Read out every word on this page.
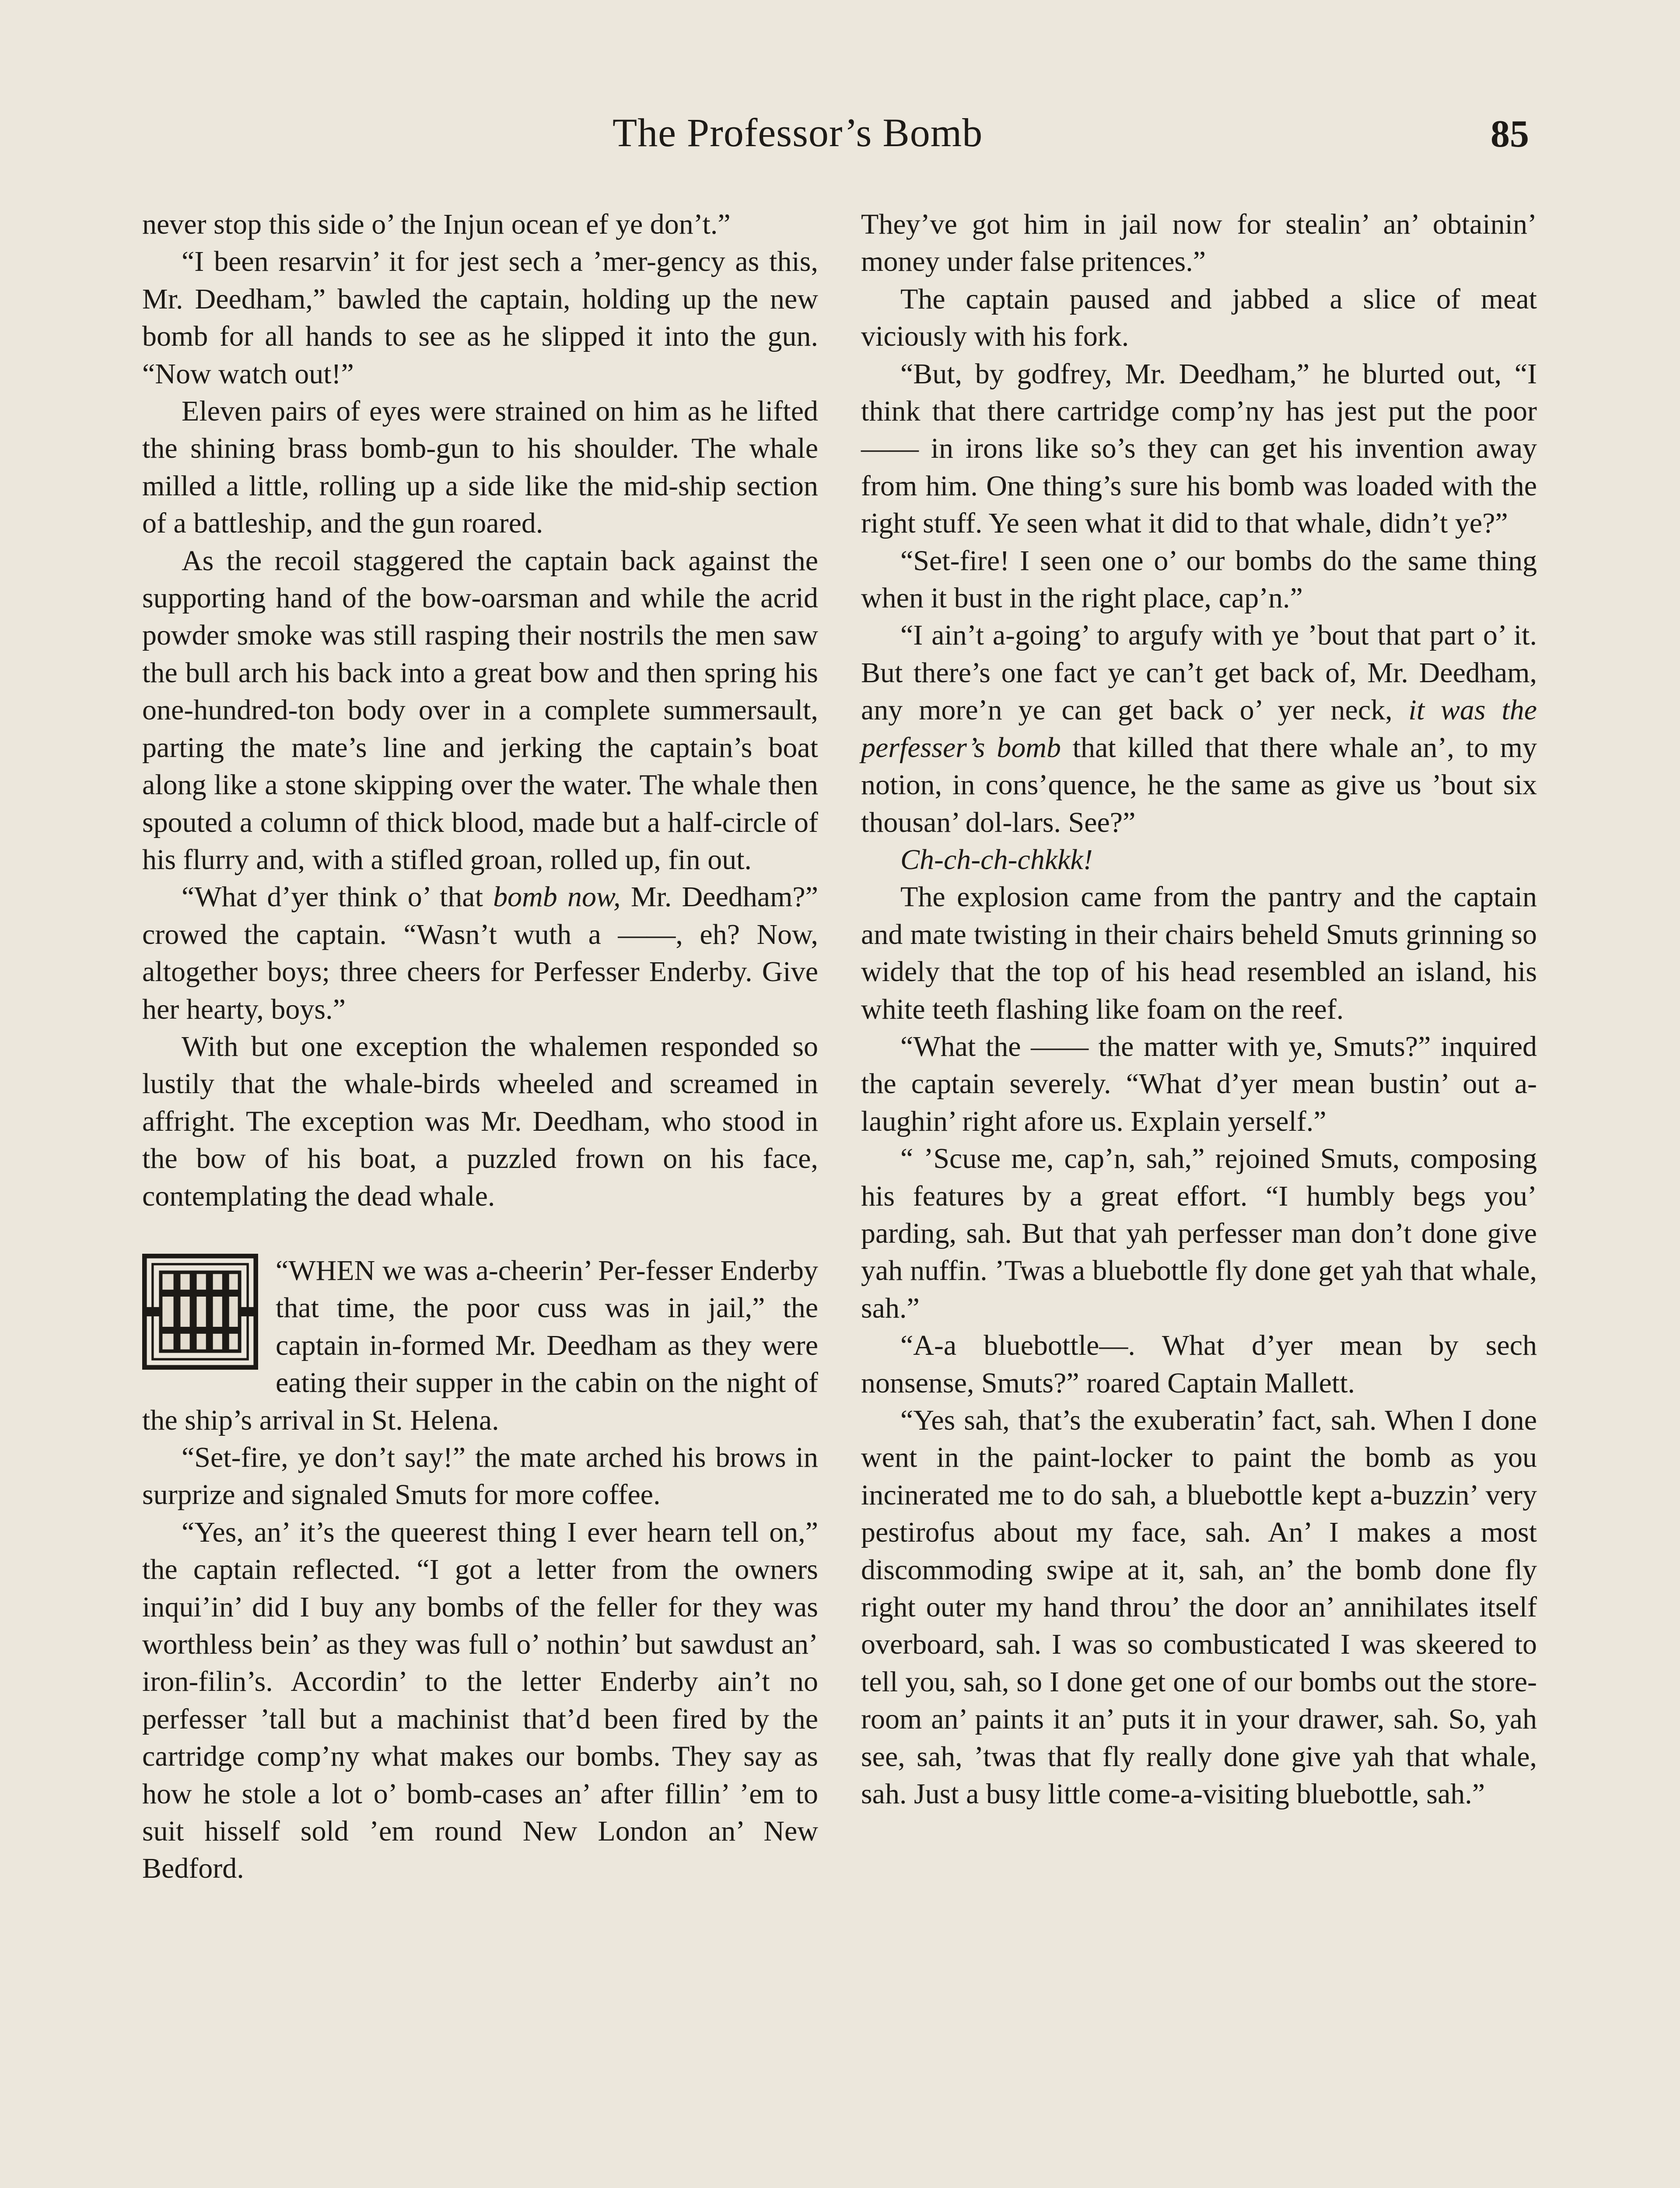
The Professor’s Bomb	85

never stop this side o’ the Injun ocean ef ye don’t.”

“I been resarvin’ it for jest sech a ’mer-gency as this, Mr. Deedham,” bawled the captain, holding up the new bomb for all hands to see as he slipped it into the gun. “Now watch out!”

Eleven pairs of eyes were strained on him as he lifted the shining brass bomb-gun to his shoulder. The whale milled a little, rolling up a side like the mid-ship section of a battleship, and the gun roared.

As the recoil staggered the captain back against the supporting hand of the bow-oarsman and while the acrid powder smoke was still rasping their nostrils the men saw the bull arch his back into a great bow and then spring his one-hundred-ton body over in a complete summersault, parting the mate’s line and jerking the captain’s boat along like a stone skipping over the water. The whale then spouted a column of thick blood, made but a half-circle of his flurry and, with a stifled groan, rolled up, fin out.

“What d’yer think o’ that bomb now, Mr. Deedham?” crowed the captain. “Wasn’t wuth a ——, eh? Now, altogether boys; three cheers for Perfesser Enderby. Give her hearty, boys.”

With but one exception the whalemen responded so lustily that the whale-birds wheeled and screamed in affright. The exception was Mr. Deedham, who stood in the bow of his boat, a puzzled frown on his face, contemplating the dead whale.

“WHEN we was a-cheerin’ Per-fesser Enderby that time, the poor cuss was in jail,” the captain in-formed Mr. Deedham as they were eating their supper in the cabin on the night of the ship’s arrival in St. Helena.

“Set-fire, ye don’t say!” the mate arched his brows in surprize and signaled Smuts for more coffee.

“Yes, an’ it’s the queerest thing I ever hearn tell on,” the captain reflected. “I got a letter from the owners inqui’in’ did I buy any bombs of the feller for they was worthless bein’ as they was full o’ nothin’ but sawdust an’ iron-filin’s. Accordin’ to the letter Enderby ain’t no perfesser ’tall but a machinist that’d been fired by the cartridge comp’ny what makes our bombs. They say as how he stole a lot o’ bomb-cases an’ after fillin’ ’em to suit hisself sold ’em round New London an’ New Bedford.

They’ve got him in jail now for stealin’ an’ obtainin’ money under false pritences.”

The captain paused and jabbed a slice of meat viciously with his fork.

“But, by godfrey, Mr. Deedham,” he blurted out, “I think that there cartridge comp’ny has jest put the poor —— in irons like so’s they can get his invention away from him. One thing’s sure his bomb was loaded with the right stuff. Ye seen what it did to that whale, didn’t ye?”

“Set-fire! I seen one o’ our bombs do the same thing when it bust in the right place, cap’n.”

“I ain’t a-going’ to argufy with ye ’bout that part o’ it. But there’s one fact ye can’t get back of, Mr. Deedham, any more’n ye can get back o’ yer neck, it was the perfesser’s bomb that killed that there whale an’, to my notion, in cons’quence, he the same as give us ’bout six thousan’ dol-lars. See?”

Ch-ch-ch-chkkk!

The explosion came from the pantry and the captain and mate twisting in their chairs beheld Smuts grinning so widely that the top of his head resembled an island, his white teeth flashing like foam on the reef.

“What the —— the matter with ye, Smuts?” inquired the captain severely. “What d’yer mean bustin’ out a-laughin’ right afore us. Explain yerself.”

“ ’Scuse me, cap’n, sah,” rejoined Smuts, composing his features by a great effort. “I humbly begs you’ parding, sah. But that yah perfesser man don’t done give yah nuffin. ’Twas a bluebottle fly done get yah that whale, sah.”

“A-a bluebottle—. What d’yer mean by sech nonsense, Smuts?” roared Captain Mallett.

“Yes sah, that’s the exuberatin’ fact, sah. When I done went in the paint-locker to paint the bomb as you incinerated me to do sah, a bluebottle kept a-buzzin’ very pestirofus about my face, sah. An’ I makes a most discommoding swipe at it, sah, an’ the bomb done fly right outer my hand throu’ the door an’ annihilates itself overboard, sah. I was so combusticated I was skeered to tell you, sah, so I done get one of our bombs out the store-room an’ paints it an’ puts it in your drawer, sah. So, yah see, sah, ’twas that fly really done give yah that whale, sah. Just a busy little come-a-visiting bluebottle, sah.”
